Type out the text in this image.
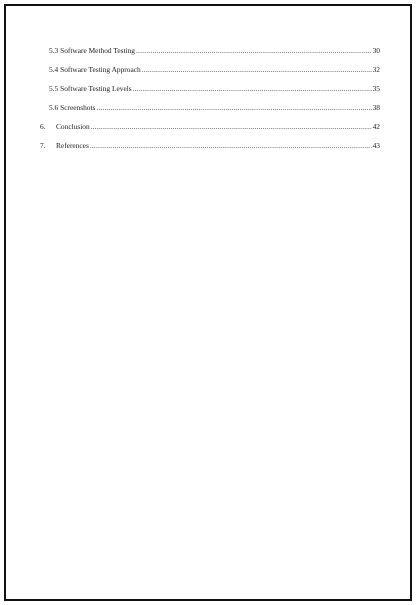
5.3 Software Method Testing .....	30
5.4 Software Testing Approach .....	32
5.5 Software Testing Levels .....	35
5.6 Screenshots .....	38
6. Conclusion .....	42
7. References .....	43
